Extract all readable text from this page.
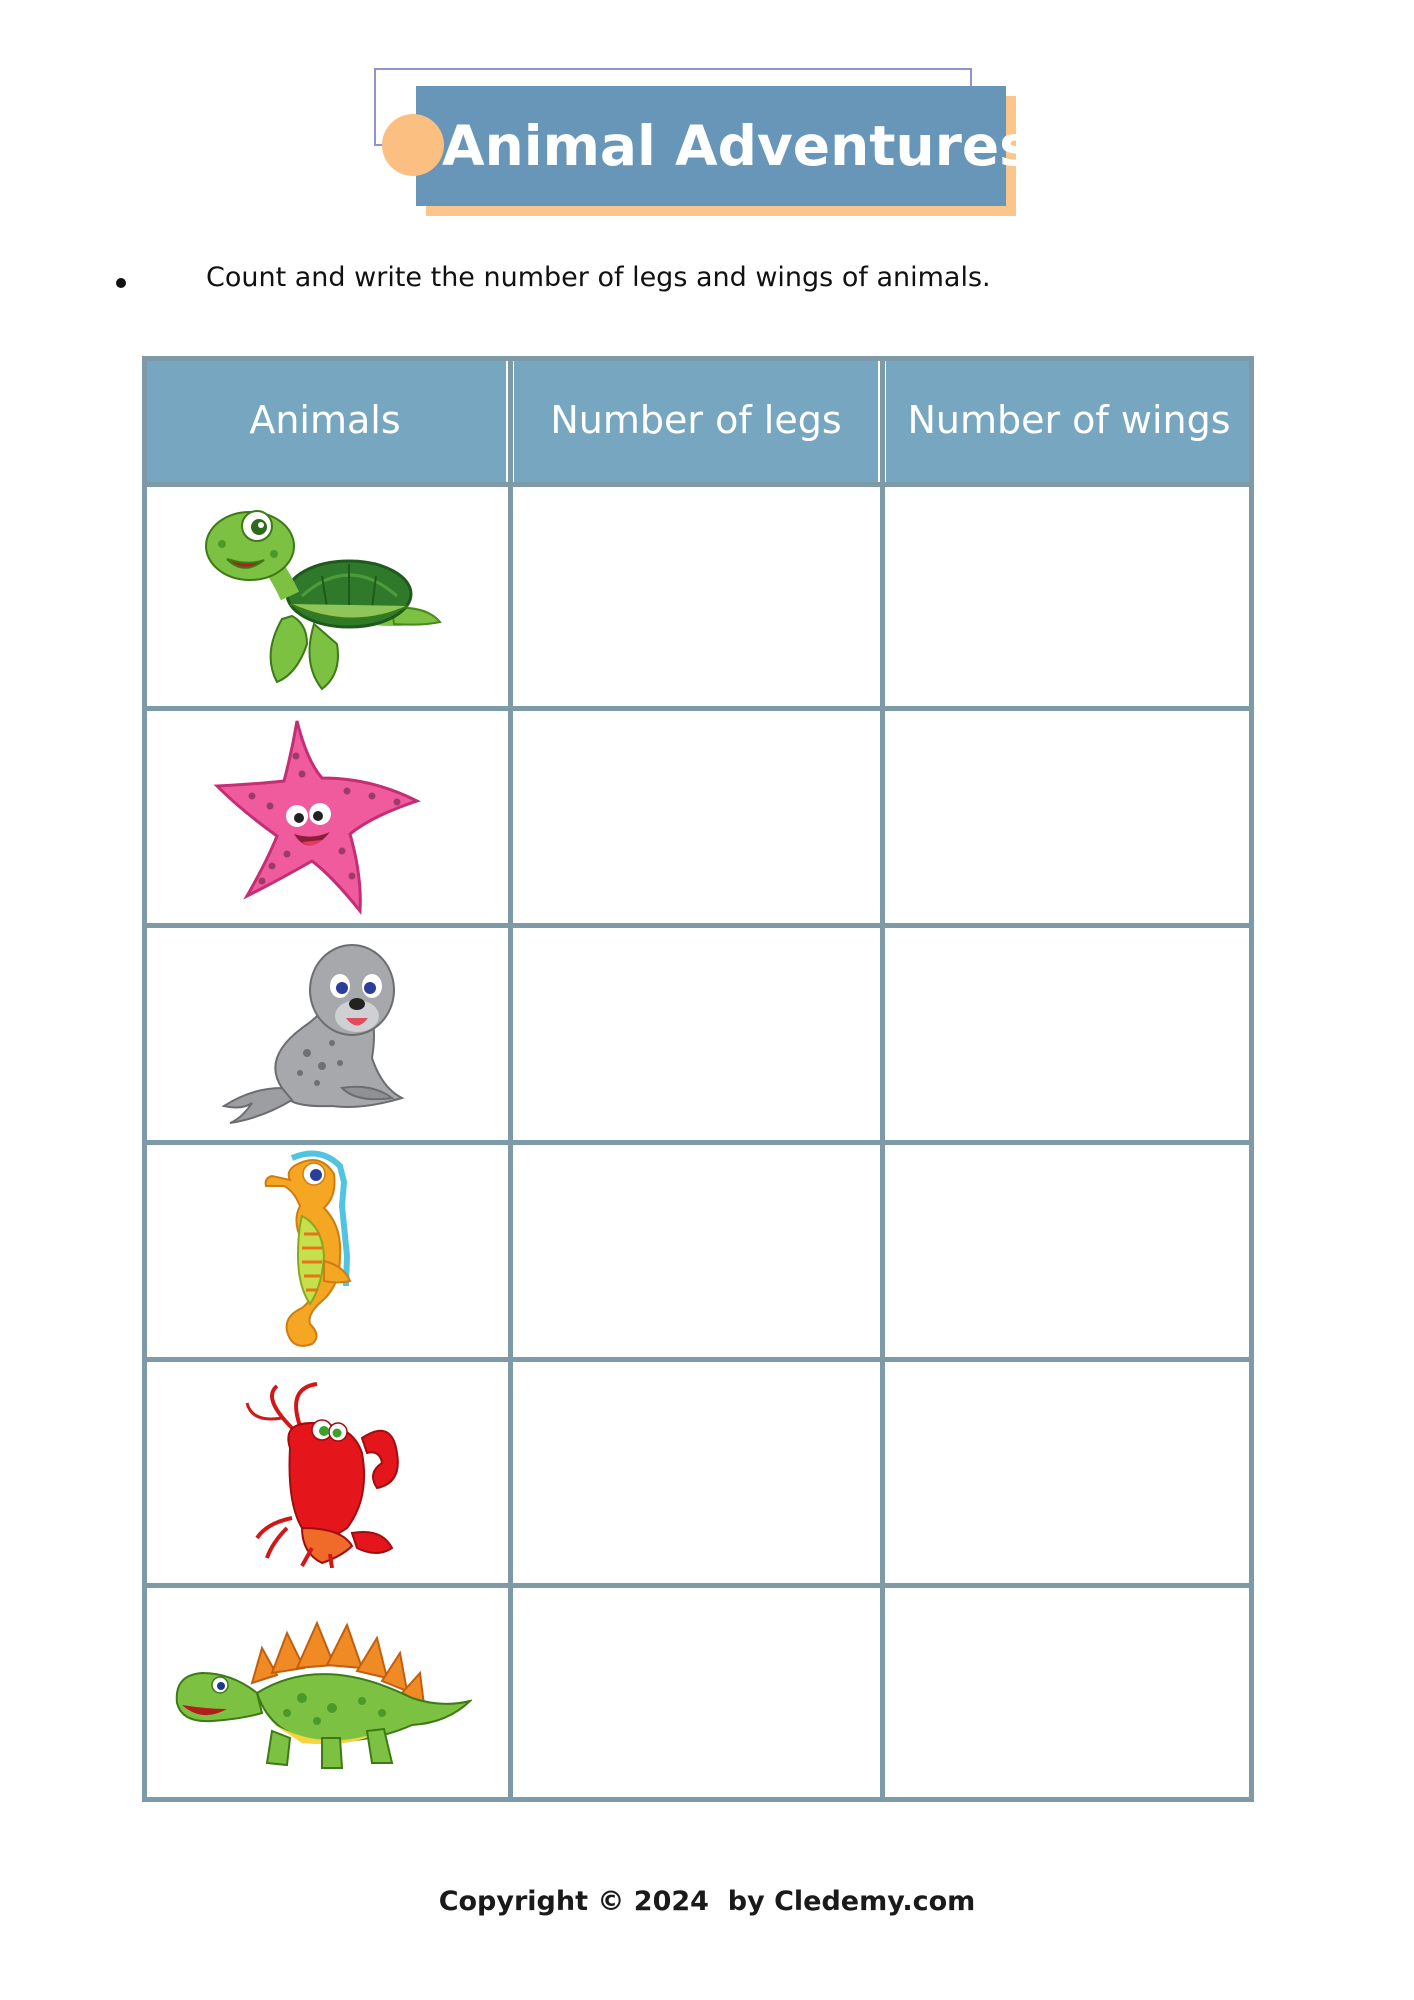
Animal Adventures
Count and write the number of legs and wings of animals.
Animals	Number of legs	Number of wings
Copyright © 2024  by Cledemy.com
